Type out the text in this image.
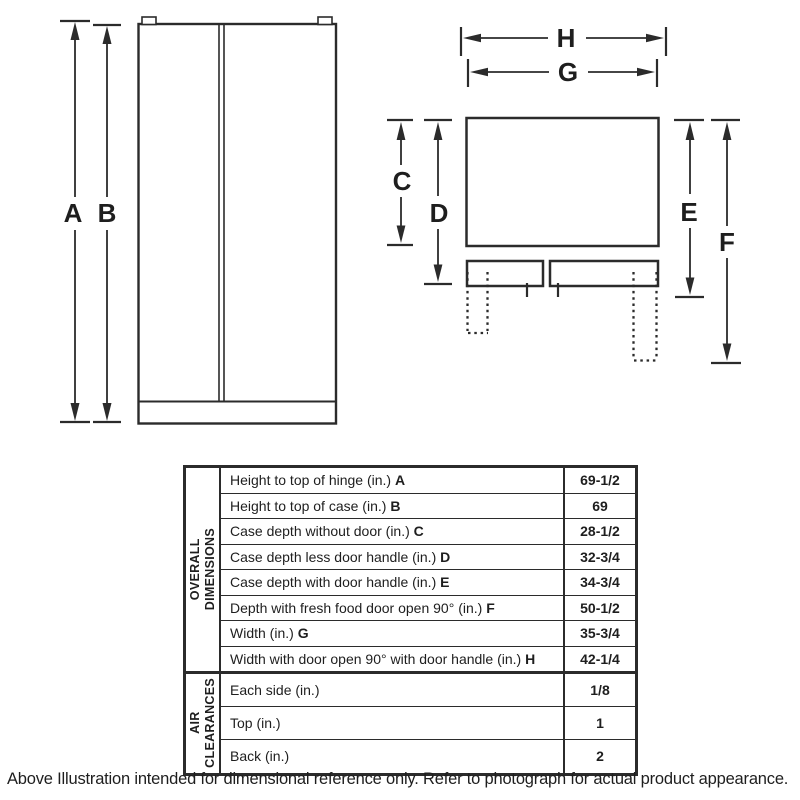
A B
H
G
C
D	E
F
OVERALL
DIMENSIONS	Height to top of hinge (in.) A	69-1/2
	Height to top of case (in.) B	69
	Case depth without door (in.) C	28-1/2
	Case depth less door handle (in.) D	32-3/4
	Case depth with door handle (in.) E	34-3/4
	Depth with fresh food door open 90° (in.) F	50-1/2
	Width (in.) G	35-3/4
	Width with door open 90° with door handle (in.) H	42-1/4

AIR
CLEARANCES	Each side (in.)	1/8
	Top (in.)	1
	Back (in.)	2
Above Illustration intended for dimensional reference only. Refer to photograph for actual product appearance.
